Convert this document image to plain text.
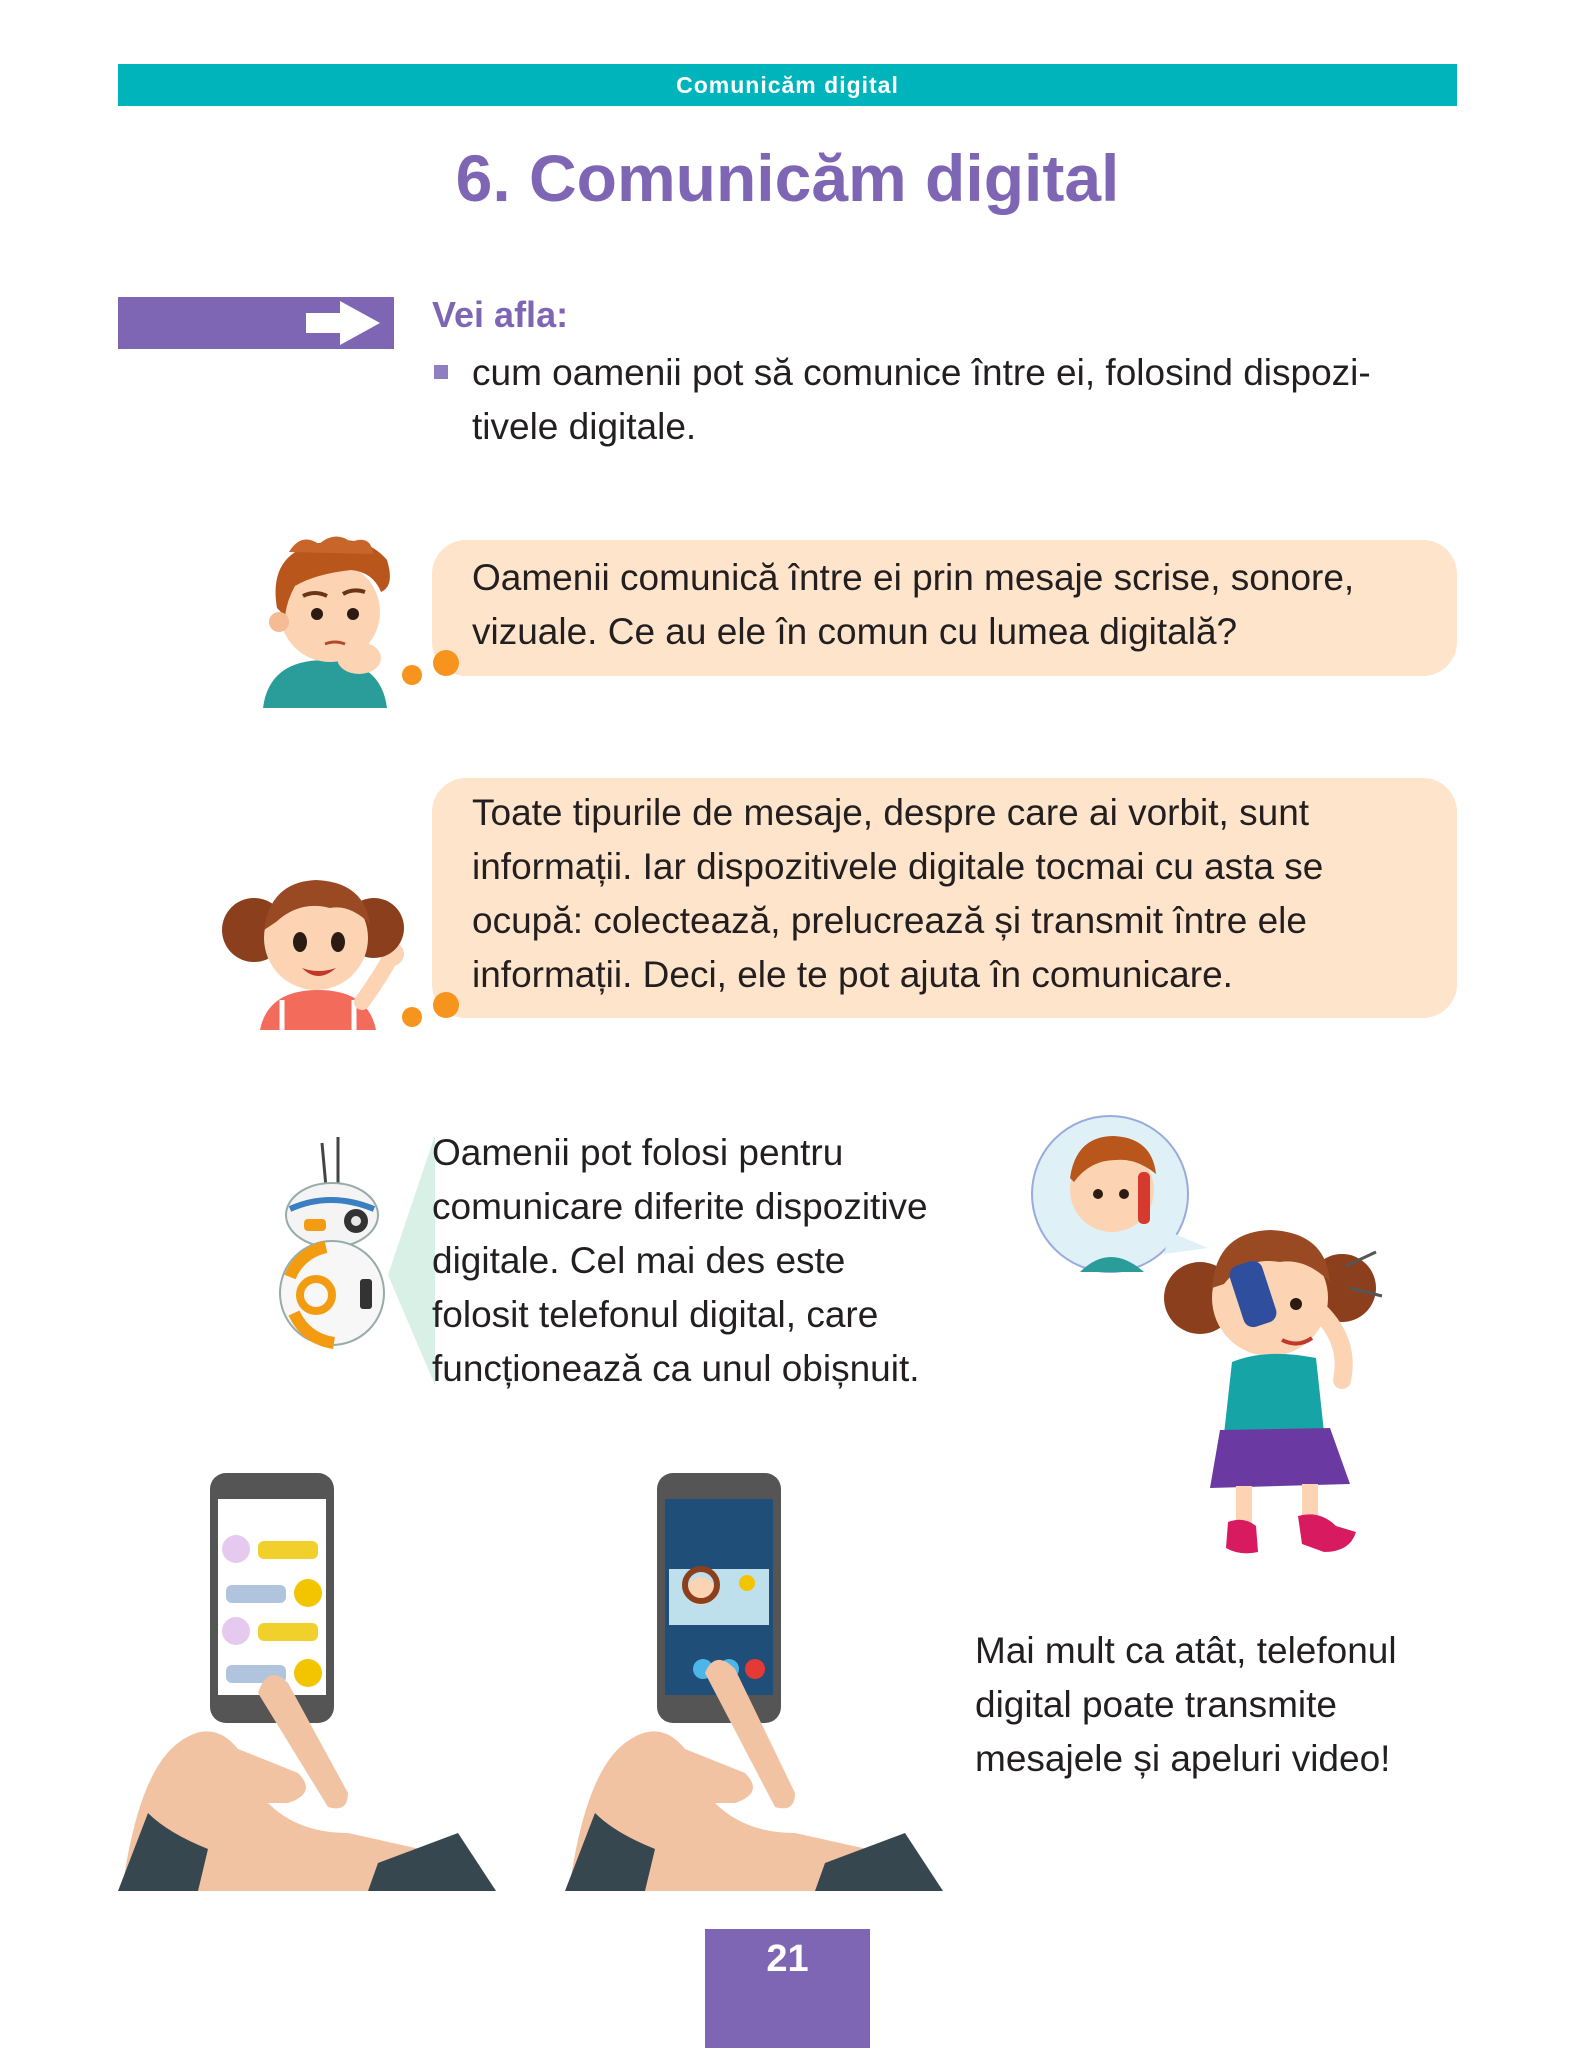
Comunicăm digital
6. Comunicăm digital
Vei afla:
cum oamenii pot să comunice între ei, folosind dispozi-
tivele digitale.
Oamenii comunică între ei prin mesaje scrise, sonore,
vizuale. Ce au ele în comun cu lumea digitală?
Toate tipurile de mesaje, despre care ai vorbit, sunt
informații. Iar dispozitivele digitale tocmai cu asta se
ocupă: colectează, prelucrează și transmit între ele
informații. Deci, ele te pot ajuta în comunicare.
Oamenii pot folosi pentru
comunicare diferite dispozitive
digitale. Cel mai des este
folosit telefonul digital, care
funcționează ca unul obișnuit.
Mai mult ca atât, telefonul
digital poate transmite
mesajele și apeluri video!
21
